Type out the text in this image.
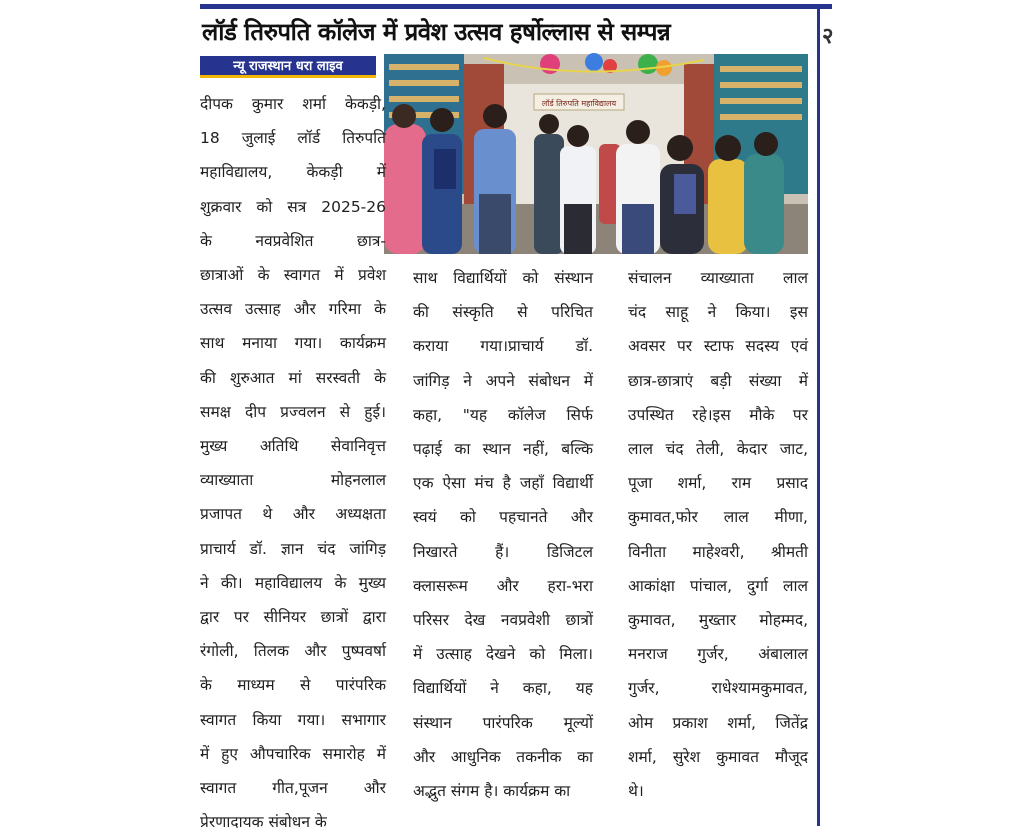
लॉर्ड तिरुपति कॉलेज में प्रवेश उत्सव हर्षोल्लास से सम्पन्न
न्यू राजस्थान धरा लाइव
लॉर्ड तिरुपति महाविद्यालय
दीपक कुमार शर्मा केकड़ी,
18 जुलाई लॉर्ड तिरुपति
महाविद्यालय, केकड़ी में
शुक्रवार को सत्र 2025-26
के नवप्रवेशित छात्र-
छात्राओं के स्वागत में प्रवेश
उत्सव उत्साह और गरिमा के
साथ मनाया गया। कार्यक्रम
की शुरुआत मां सरस्वती के
समक्ष दीप प्रज्वलन से हुई।
मुख्य अतिथि सेवानिवृत्त
व्याख्याता मोहनलाल
प्रजापत थे और अध्यक्षता
प्राचार्य डॉ. ज्ञान चंद जांगिड़
ने की। महाविद्यालय के मुख्य
द्वार पर सीनियर छात्रों द्वारा
रंगोली, तिलक और पुष्पवर्षा
के माध्यम से पारंपरिक
स्वागत किया गया। सभागार
में हुए औपचारिक समारोह में
स्वागत गीत,पूजन और
प्रेरणादायक संबोधन के
साथ विद्यार्थियों को संस्थान
की संस्कृति से परिचित
कराया गया।प्राचार्य डॉ.
जांगिड़ ने अपने संबोधन में
कहा, "यह कॉलेज सिर्फ
पढ़ाई का स्थान नहीं, बल्कि
एक ऐसा मंच है जहाँ विद्यार्थी
स्वयं को पहचानते और
निखारते हैं। डिजिटल
क्लासरूम और हरा-भरा
परिसर देख नवप्रवेशी छात्रों
में उत्साह देखने को मिला।
विद्यार्थियों ने कहा, यह
संस्थान पारंपरिक मूल्यों
और आधुनिक तकनीक का
अद्भुत संगम है। कार्यक्रम का
संचालन व्याख्याता लाल
चंद साहू ने किया। इस
अवसर पर स्टाफ सदस्य एवं
छात्र-छात्राएं बड़ी संख्या में
उपस्थित रहे।इस मौके पर
लाल चंद तेली, केदार जाट,
पूजा शर्मा, राम प्रसाद
कुमावत,फोर लाल मीणा,
विनीता माहेश्वरी, श्रीमती
आकांक्षा पांचाल, दुर्गा लाल
कुमावत, मुख्तार मोहम्मद,
मनराज गुर्जर, अंबालाल
गुर्जर, राधेश्यामकुमावत,
ओम प्रकाश शर्मा, जितेंद्र
शर्मा, सुरेश कुमावत मौजूद
थे।
२
